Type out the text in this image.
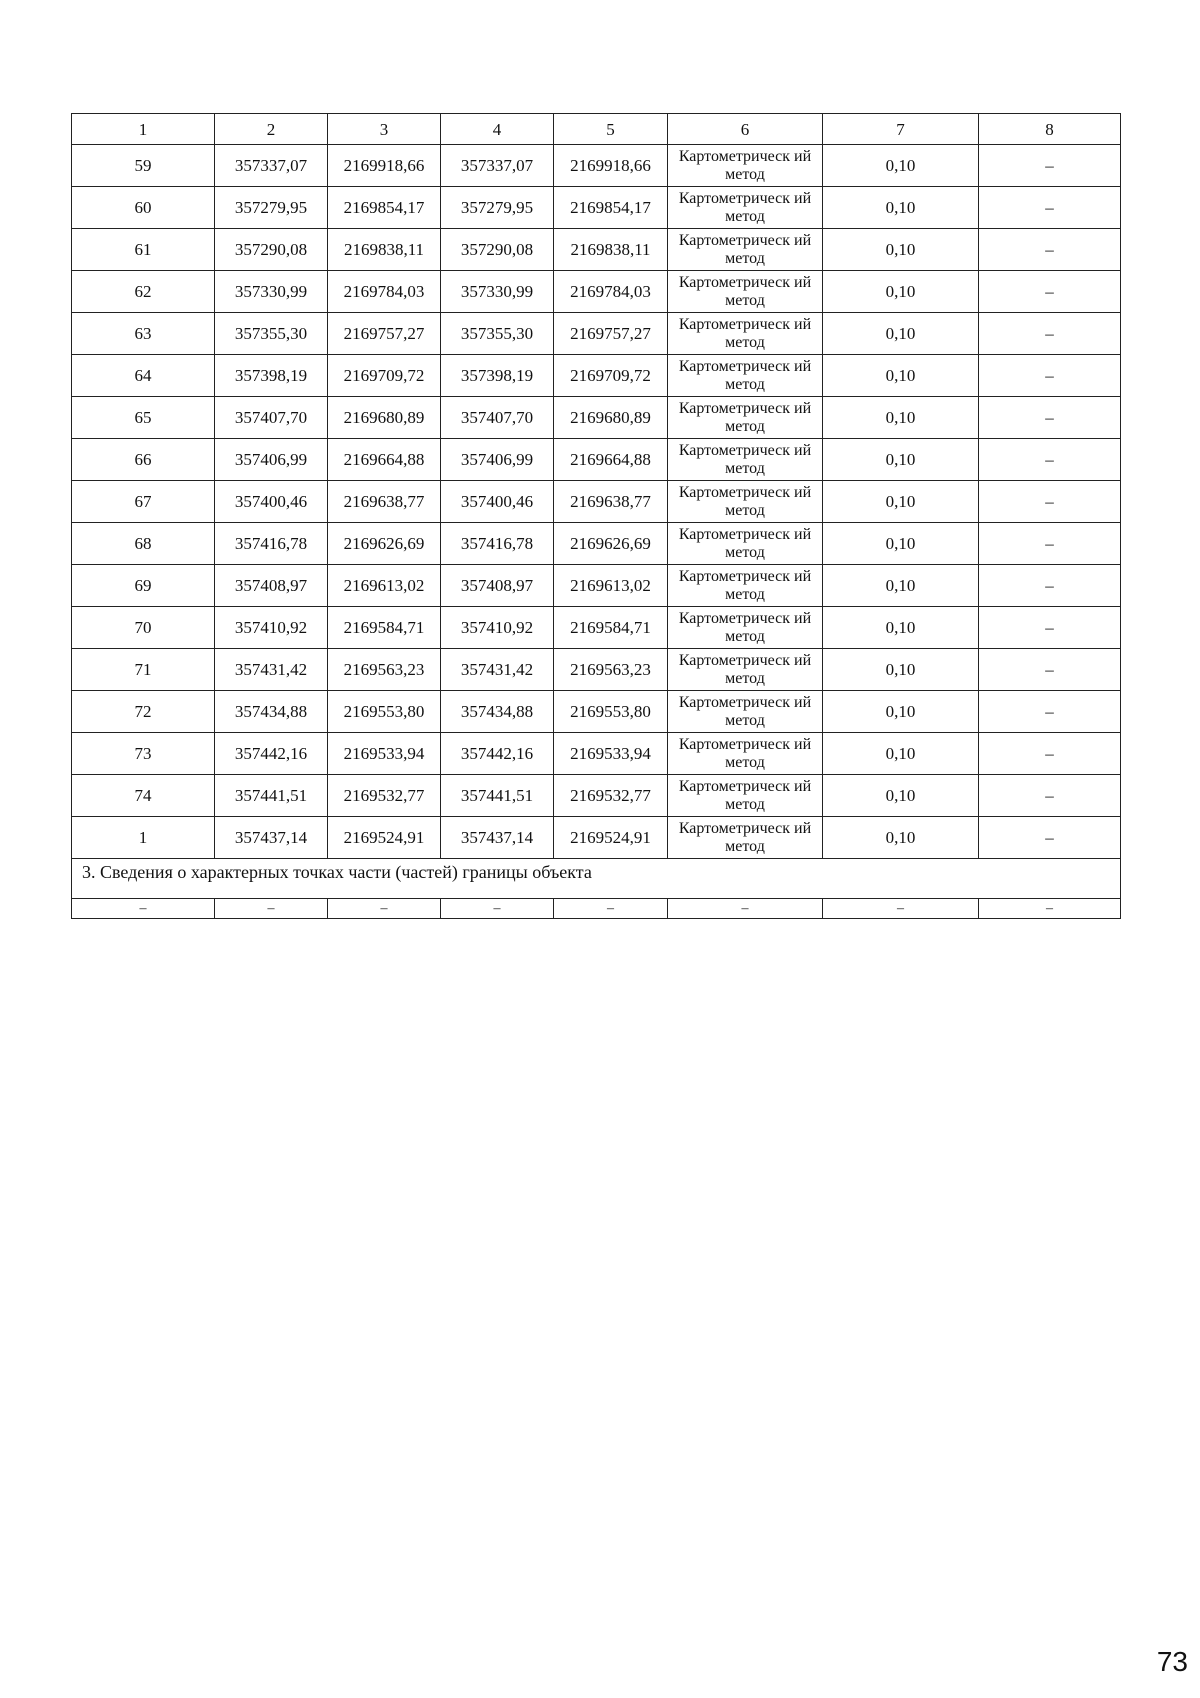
1	2	3	4	5	6	7	8
59	357337,07	2169918,66	357337,07	2169918,66	Картометрическ ий метод	0,10	–
60	357279,95	2169854,17	357279,95	2169854,17	Картометрическ ий метод	0,10	–
61	357290,08	2169838,11	357290,08	2169838,11	Картометрическ ий метод	0,10	–
62	357330,99	2169784,03	357330,99	2169784,03	Картометрическ ий метод	0,10	–
63	357355,30	2169757,27	357355,30	2169757,27	Картометрическ ий метод	0,10	–
64	357398,19	2169709,72	357398,19	2169709,72	Картометрическ ий метод	0,10	–
65	357407,70	2169680,89	357407,70	2169680,89	Картометрическ ий метод	0,10	–
66	357406,99	2169664,88	357406,99	2169664,88	Картометрическ ий метод	0,10	–
67	357400,46	2169638,77	357400,46	2169638,77	Картометрическ ий метод	0,10	–
68	357416,78	2169626,69	357416,78	2169626,69	Картометрическ ий метод	0,10	–
69	357408,97	2169613,02	357408,97	2169613,02	Картометрическ ий метод	0,10	–
70	357410,92	2169584,71	357410,92	2169584,71	Картометрическ ий метод	0,10	–
71	357431,42	2169563,23	357431,42	2169563,23	Картометрическ ий метод	0,10	–
72	357434,88	2169553,80	357434,88	2169553,80	Картометрическ ий метод	0,10	–
73	357442,16	2169533,94	357442,16	2169533,94	Картометрическ ий метод	0,10	–
74	357441,51	2169532,77	357441,51	2169532,77	Картометрическ ий метод	0,10	–
1	357437,14	2169524,91	357437,14	2169524,91	Картометрическ ий метод	0,10	–
3. Сведения о характерных точках части (частей) границы объекта							
–	–	–	–	–	–	–	–
73
